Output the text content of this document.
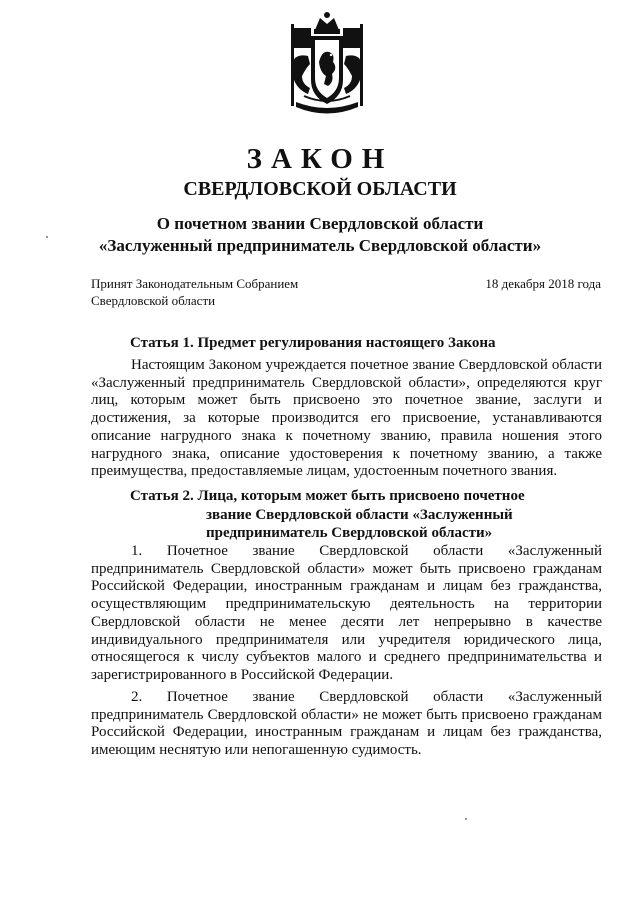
ЗАКОН
СВЕРДЛОВСКОЙ ОБЛАСТИ
О почетном звании Свердловской области
«Заслуженный предприниматель Свердловской области»
Принят Законодательным Собранием
Свердловской области
18 декабря 2018 года
Статья 1. Предмет регулирования настоящего Закона
Настоящим Законом учреждается почетное звание Свердловской области «Заслуженный предприниматель Свердловской области», определяются круг лиц, которым может быть присвоено это почетное звание, заслуги и достижения, за которые производится его присвоение, устанавливаются описание нагрудного знака к почетному званию, правила ношения этого нагрудного знака, описание удостоверения к почетному званию, а также преимущества, предоставляемые лицам, удостоенным почетного звания.
Статья 2. Лица, которым может быть присвоено почетное
звание Свердловской области «Заслуженный
предприниматель Свердловской области»
1. Почетное звание Свердловской области «Заслуженный предприниматель Свердловской области» может быть присвоено гражданам Российской Федерации, иностранным гражданам и лицам без гражданства, осуществляющим предпринимательскую деятельность на территории Свердловской области не менее десяти лет непрерывно в качестве индивидуального предпринимателя или учредителя юридического лица, относящегося к числу субъектов малого и среднего предпринимательства и зарегистрированного в Российской Федерации.
2. Почетное звание Свердловской области «Заслуженный предприниматель Свердловской области» не может быть присвоено гражданам Российской Федерации, иностранным гражданам и лицам без гражданства, имеющим неснятую или непогашенную судимость.
